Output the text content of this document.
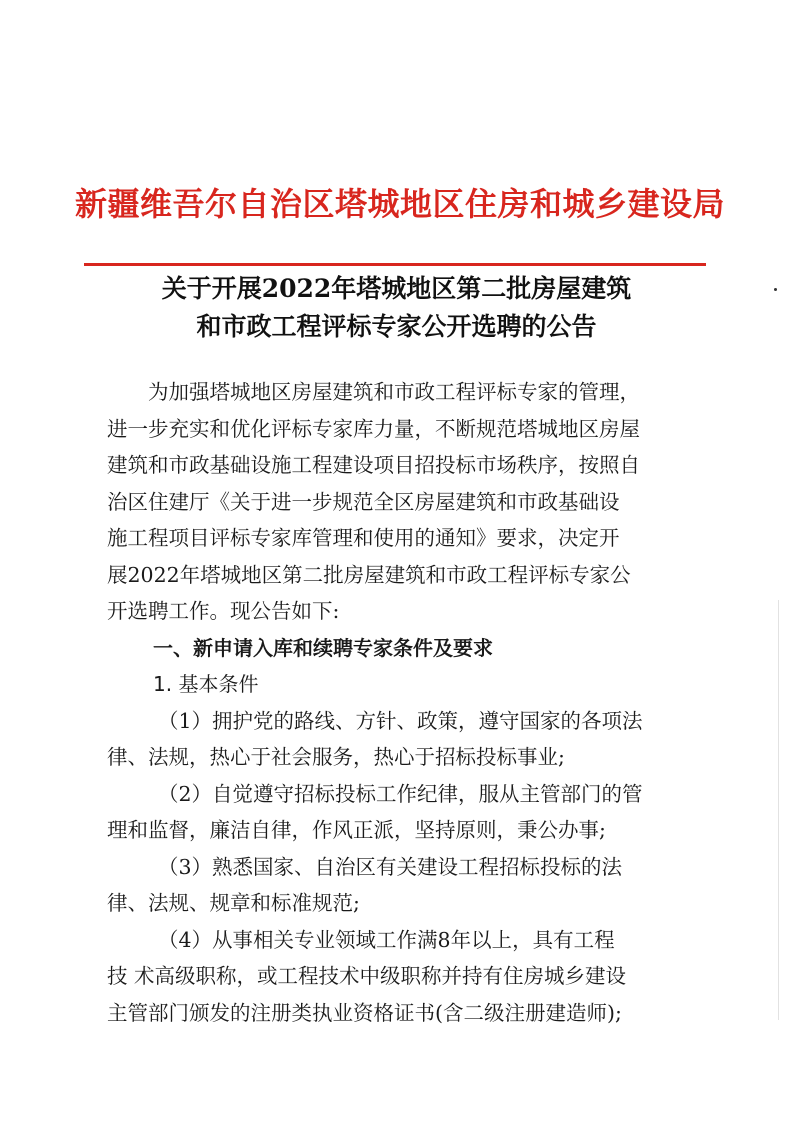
新疆维吾尔自治区塔城地区住房和城乡建设局
关于开展2022年塔城地区第二批房屋建筑
和市政工程评标专家公开选聘的公告
为加强塔城地区房屋建筑和市政工程评标专家的管理，
进一步充实和优化评标专家库力量，不断规范塔城地区房屋
建筑和市政基础设施工程建设项目招投标市场秩序，按照自
治区住建厅《关于进一步规范全区房屋建筑和市政基础设
施工程项目评标专家库管理和使用的通知》要求，决定开
展2022年塔城地区第二批房屋建筑和市政工程评标专家公
开选聘工作。现公告如下:
一、新申请入库和续聘专家条件及要求
1. 基本条件
（1）拥护党的路线、方针、政策，遵守国家的各项法
律、法规，热心于社会服务，热心于招标投标事业;
（2）自觉遵守招标投标工作纪律，服从主管部门的管
理和监督，廉洁自律，作风正派，坚持原则，秉公办事;
（3）熟悉国家、自治区有关建设工程招标投标的法
律、法规、规章和标准规范;
（4）从事相关专业领域工作满8年以上，具有工程
技 术高级职称，或工程技术中级职称并持有住房城乡建设
主管部门颁发的注册类执业资格证书(含二级注册建造师);
